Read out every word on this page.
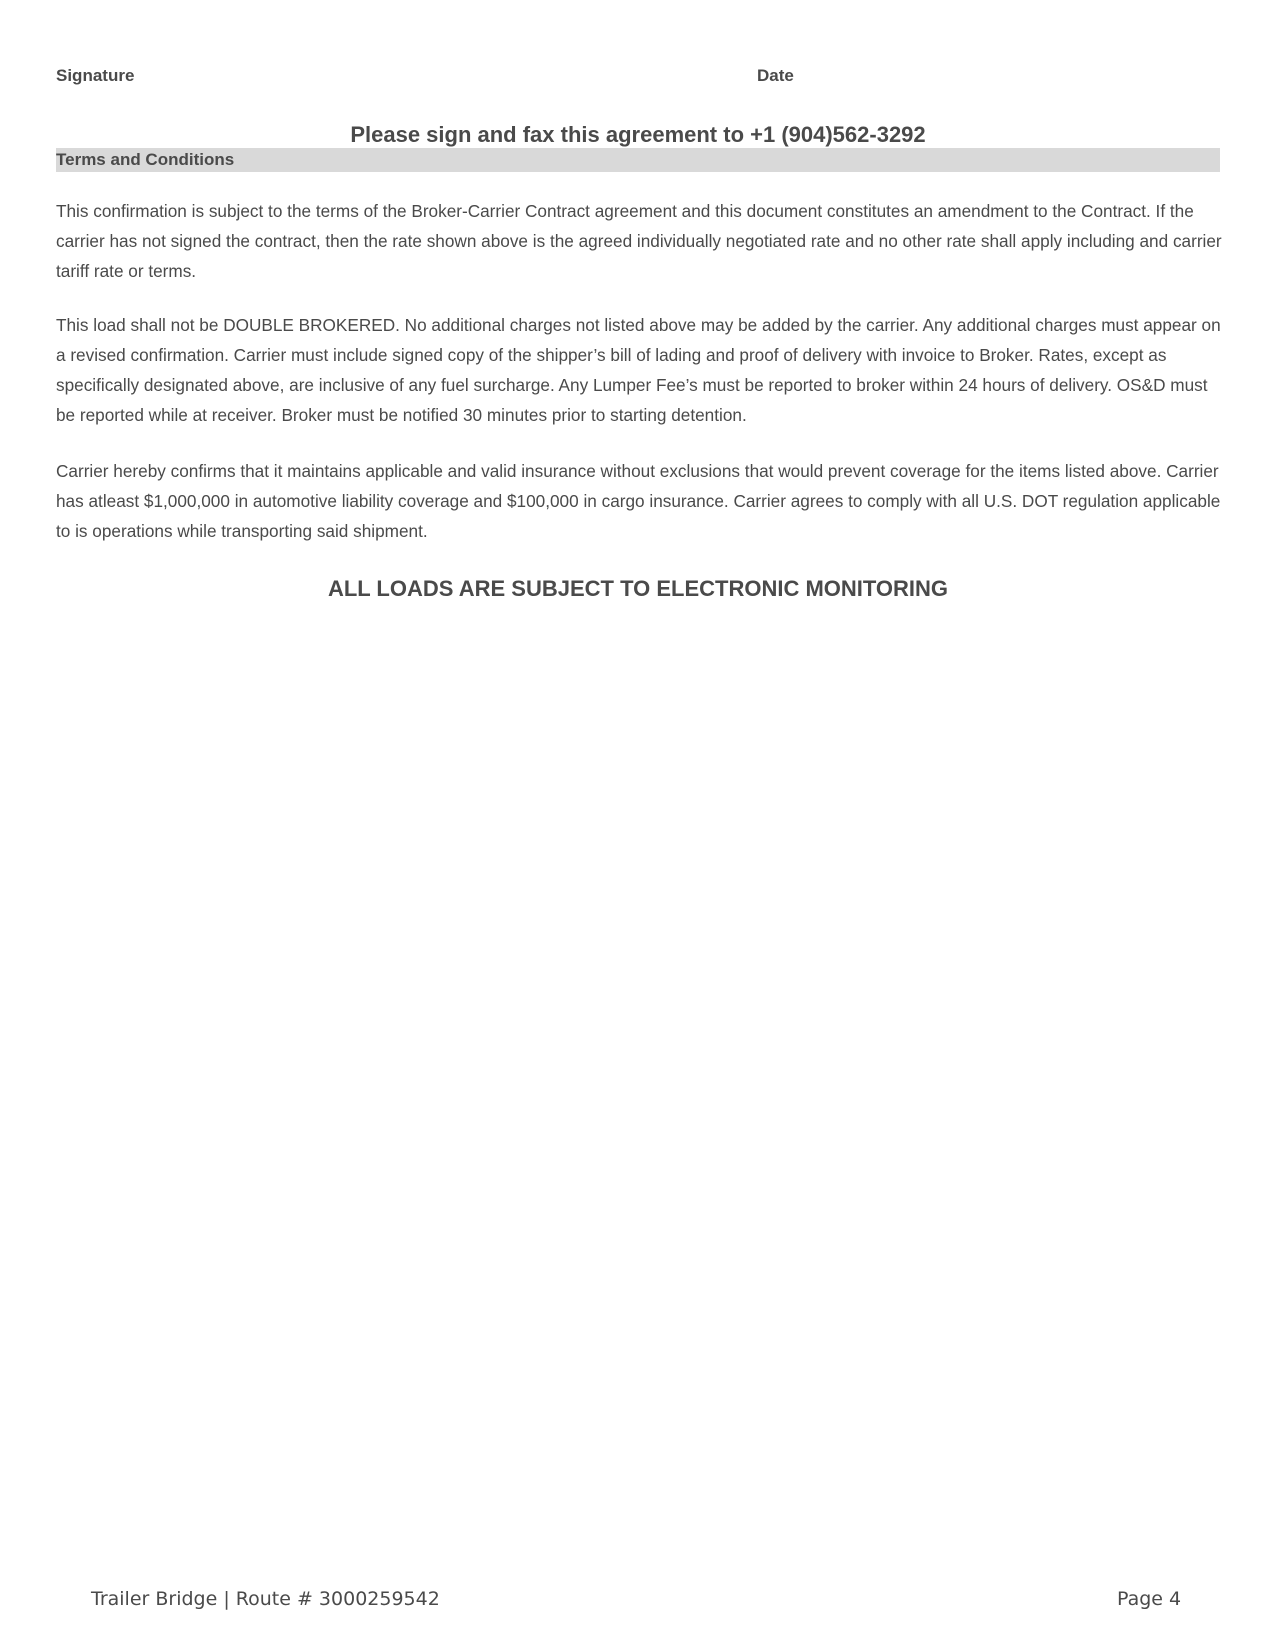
Signature	Date
Please sign and fax this agreement to +1 (904)562-3292
Terms and Conditions

This confirmation is subject to the terms of the Broker-Carrier Contract agreement and this document constitutes an amendment to the Contract. If the carrier has not signed the contract, then the rate shown above is the agreed individually negotiated rate and no other rate shall apply including and carrier tariff rate or terms.

This load shall not be DOUBLE BROKERED. No additional charges not listed above may be added by the carrier. Any additional charges must appear on a revised confirmation. Carrier must include signed copy of the shipper’s bill of lading and proof of delivery with invoice to Broker. Rates, except as specifically designated above, are inclusive of any fuel surcharge. Any Lumper Fee’s must be reported to broker within 24 hours of delivery. OS&D must be reported while at receiver. Broker must be notified 30 minutes prior to starting detention.

Carrier hereby confirms that it maintains applicable and valid insurance without exclusions that would prevent coverage for the items listed above. Carrier has atleast $1,000,000 in automotive liability coverage and $100,000 in cargo insurance. Carrier agrees to comply with all U.S. DOT regulation applicable to is operations while transporting said shipment.

ALL LOADS ARE SUBJECT TO ELECTRONIC MONITORING
Trailer Bridge | Route # 3000259542	Page 4
